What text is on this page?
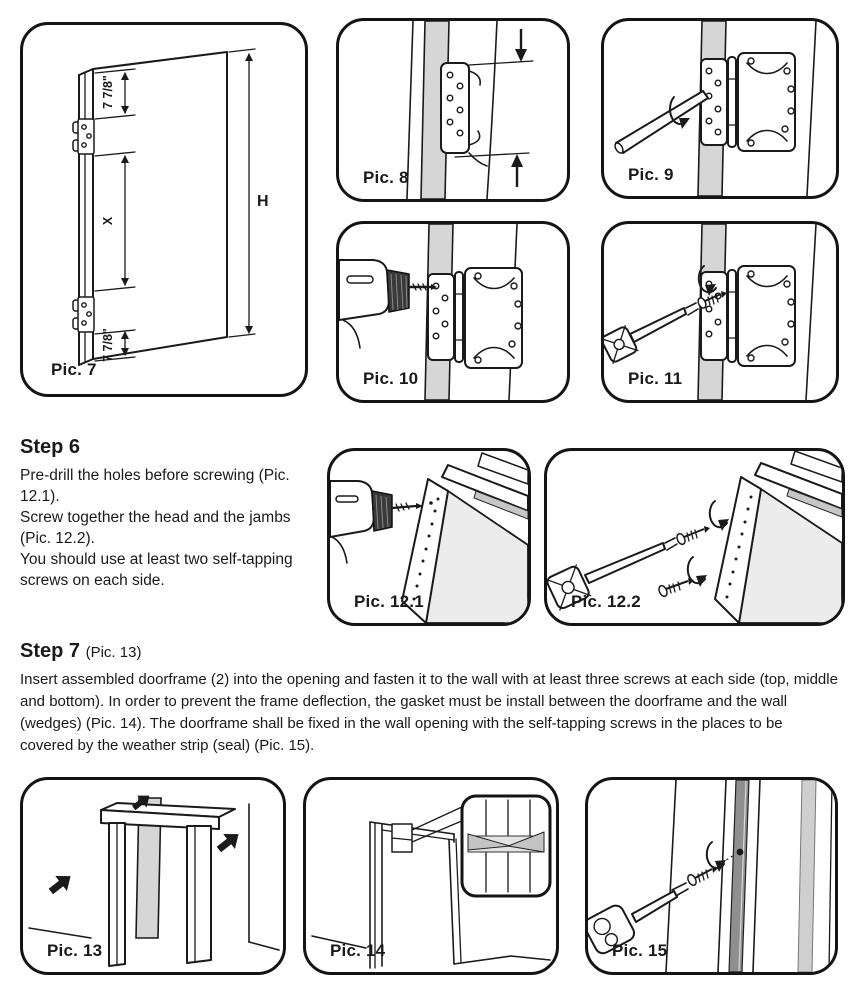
7 7/8"
X
7 7/8"
H
Pic. 7
Pic. 8	Pic. 9
Pic. 10	Pic. 11
Step 6
Pre-drill the holes before screwing (Pic. 12.1).
Screw together the head and the jambs
(Pic. 12.2).
You should use at least two self-tapping
screws on each side.
Pic. 12.1	Pic. 12.2
Step 7 (Pic. 13)

Insert assembled doorframe (2) into the opening and fasten it to the wall with at least three screws at each side (top, middle and bottom). In order to prevent the frame deflection, the gasket must be install between the doorframe and the wall (wedges) (Pic. 14). The doorframe shall be fixed in the wall opening with the self-tapping screws in the places to be covered by the weather strip (seal) (Pic. 15).

Pic. 13	Pic. 14	Pic. 15
